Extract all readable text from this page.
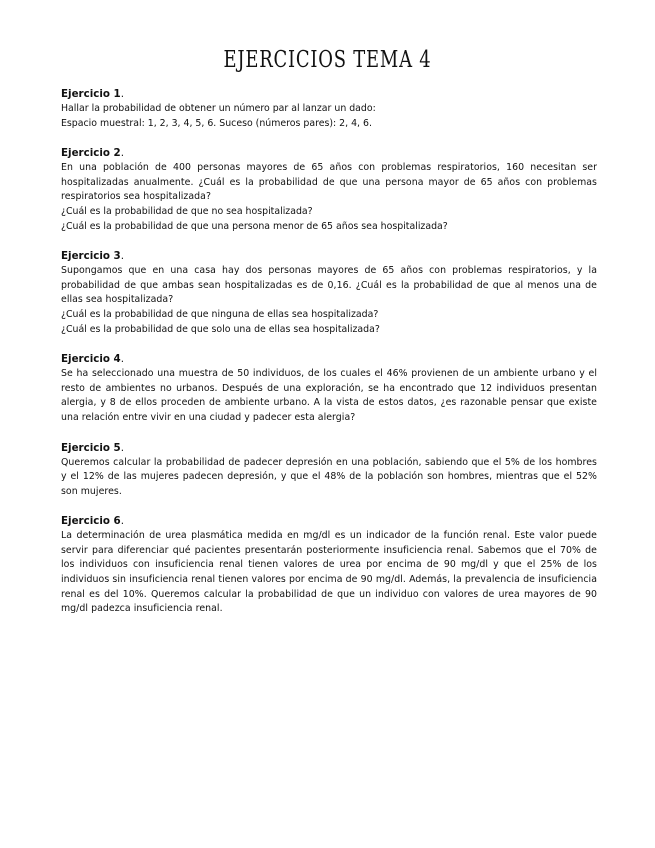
EJERCICIOS TEMA 4

Ejercicio 1.

Hallar la probabilidad de obtener un número par al lanzar un dado:

Espacio muestral: 1, 2, 3, 4, 5, 6. Suceso (números pares): 2, 4, 6.

Ejercicio 2.

En una población de 400 personas mayores de 65 años con problemas respiratorios, 160 necesitan ser hospitalizadas anualmente. ¿Cuál es la probabilidad de que una persona mayor de 65 años con problemas respiratorios sea hospitalizada?

¿Cuál es la probabilidad de que no sea hospitalizada?

¿Cuál es la probabilidad de que una persona menor de 65 años sea hospitalizada?

Ejercicio 3.

Supongamos que en una casa hay dos personas mayores de 65 años con problemas respiratorios, y la probabilidad de que ambas sean hospitalizadas es de 0,16. ¿Cuál es la probabilidad de que al menos una de ellas sea hospitalizada?

¿Cuál es la probabilidad de que ninguna de ellas sea hospitalizada?

¿Cuál es la probabilidad de que solo una de ellas sea hospitalizada?

Ejercicio 4.

Se ha seleccionado una muestra de 50 individuos, de los cuales el 46% provienen de un ambiente urbano y el resto de ambientes no urbanos. Después de una exploración, se ha encontrado que 12 individuos presentan alergia, y 8 de ellos proceden de ambiente urbano. A la vista de estos datos, ¿es razonable pensar que existe una relación entre vivir en una ciudad y padecer esta alergia?

Ejercicio 5.

Queremos calcular la probabilidad de padecer depresión en una población, sabiendo que el 5% de los hombres y el 12% de las mujeres padecen depresión, y que el 48% de la población son hombres, mientras que el 52% son mujeres.

Ejercicio 6.

La determinación de urea plasmática medida en mg/dl es un indicador de la función renal. Este valor puede servir para diferenciar qué pacientes presentarán posteriormente insuficiencia renal. Sabemos que el 70% de los individuos con insuficiencia renal tienen valores de urea por encima de 90 mg/dl y que el 25% de los individuos sin insuficiencia renal tienen valores por encima de 90 mg/dl. Además, la prevalencia de insuficiencia renal es del 10%. Queremos calcular la probabilidad de que un individuo con valores de urea mayores de 90 mg/dl padezca insuficiencia renal.
